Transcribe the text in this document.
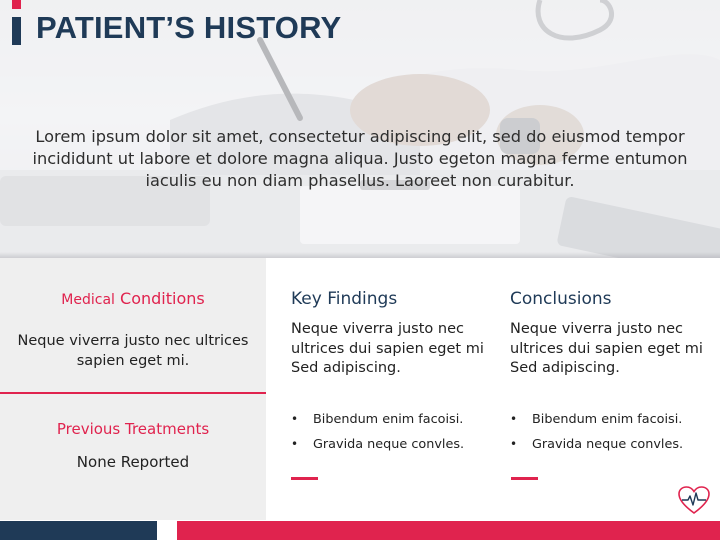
PATIENT’S HISTORY
Lorem ipsum dolor sit amet, consectetur adipiscing elit, sed do eiusmod tempor incididunt ut labore et dolore magna aliqua. Justo egeton magna ferme entumon iaculis eu non diam phasellus. Laoreet non curabitur.
Medical Conditions
Neque viverra justo nec ultrices sapien eget mi.
Previous Treatments
None Reported
Key Findings
Neque viverra justo nec ultrices dui sapien eget mi Sed adipiscing.
• Bibendum enim facoisi.
• Gravida neque convles.
Conclusions
Neque viverra justo nec ultrices dui sapien eget mi Sed adipiscing.
• Bibendum enim facoisi.
• Gravida neque convles.
